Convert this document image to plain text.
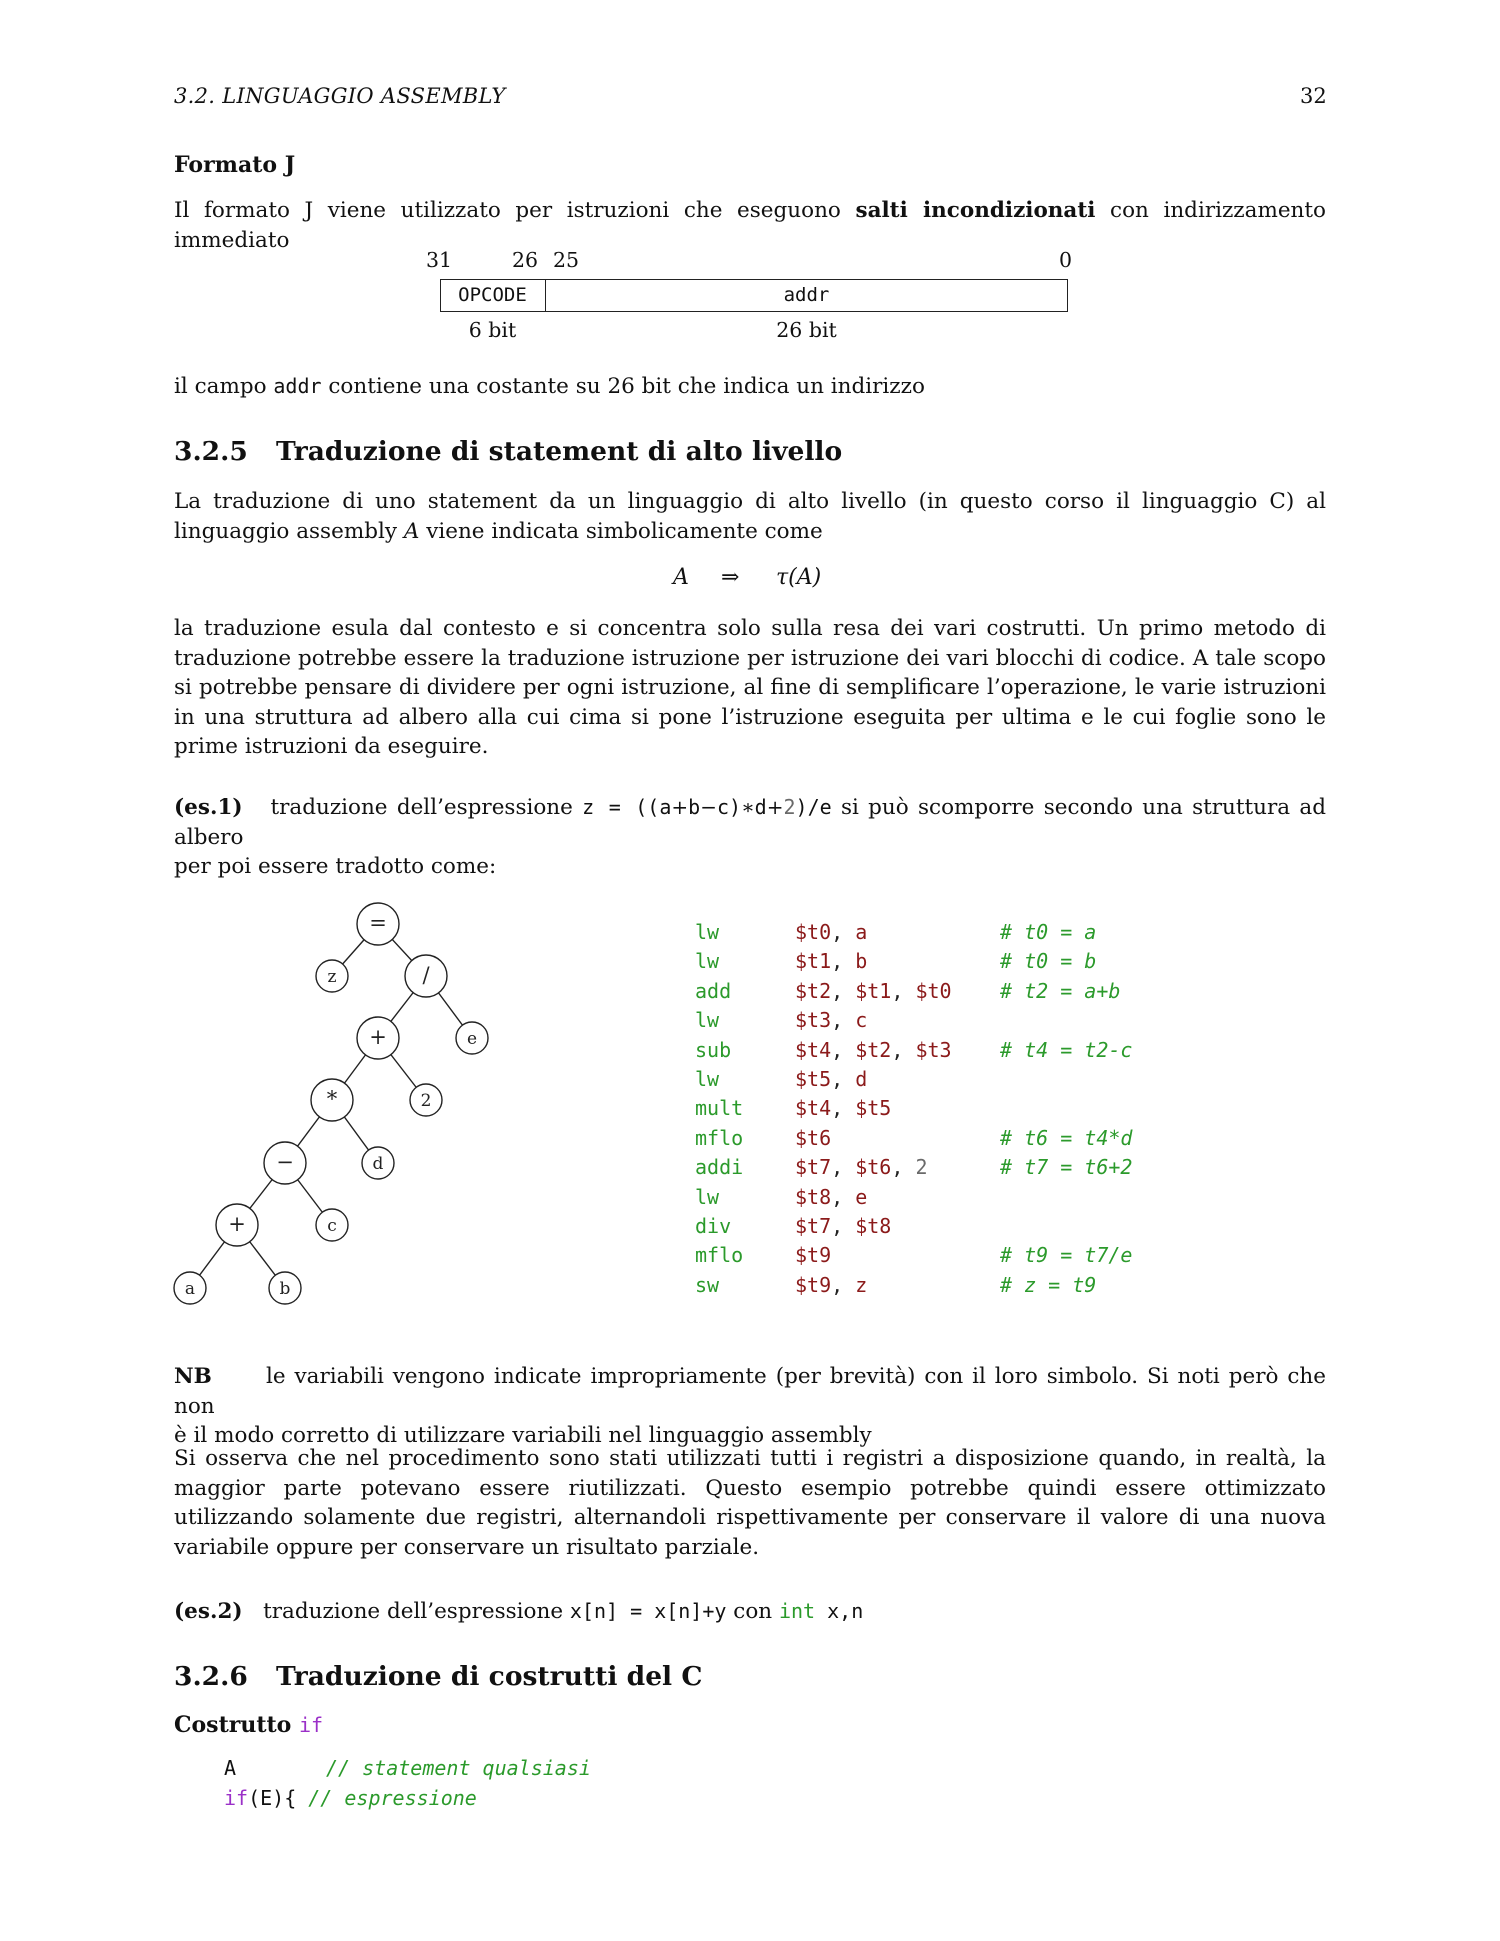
3.2. LINGUAGGIO ASSEMBLY	32
Formato J
Il formato J viene utilizzato per istruzioni che eseguono salti incondizionati con indirizzamento immediato
31	26 25	0
OPCODE	addr
6 bit	26 bit
il campo addr contiene una costante su 26 bit che indica un indirizzo
3.2.5 Traduzione di statement di alto livello
La traduzione di uno statement da un linguaggio di alto livello (in questo corso il linguaggio C) al linguaggio assembly A viene indicata simbolicamente come
A ⇒ τ(A)
la traduzione esula dal contesto e si concentra solo sulla resa dei vari costrutti. Un primo metodo di traduzione potrebbe essere la traduzione istruzione per istruzione dei vari blocchi di codice. A tale scopo si potrebbe pensare di dividere per ogni istruzione, al fine di semplificare l’operazione, le varie istruzioni in una struttura ad albero alla cui cima si pone l’istruzione eseguita per ultima e le cui foglie sono le prime istruzioni da eseguire.
(es.1) traduzione dell’espressione z = ((a+b−c)∗d+2)/e si può scomporre secondo una struttura ad albero
per poi essere tradotto come:
=
z	/
+	e
*	2
−	d
+	c
a	b
lw	$t0, a	# t0 = a
lw	$t1, b	# t0 = b
add	$t2, $t1, $t0 # t2 = a+b
lw	$t3, c
sub	$t4, $t2, $t3 # t4 = t2-c
lw	$t5, d
mult	$t4, $t5
mflo	$t6	# t6 = t4*d
addi	$t7, $t6, 2	# t7 = t6+2
lw	$t8, e
div	$t7, $t8
mflo	$t9	# t9 = t7/e
sw	$t9, z	# z = t9
NB	le variabili vengono indicate impropriamente (per brevità) con il loro simbolo. Si noti però che non
è il modo corretto di utilizzare variabili nel linguaggio assembly
Si osserva che nel procedimento sono stati utilizzati tutti i registri a disposizione quando, in realtà, la maggior parte potevano essere riutilizzati. Questo esempio potrebbe quindi essere ottimizzato utilizzando solamente due registri, alternandoli rispettivamente per conservare il valore di una nuova variabile oppure per conservare un risultato parziale.
(es.2) traduzione dell’espressione x[n] = x[n]+y con int x,n
3.2.6 Traduzione di costrutti del C
Costrutto if
A	// statement qualsiasi
if(E){ // espressione
